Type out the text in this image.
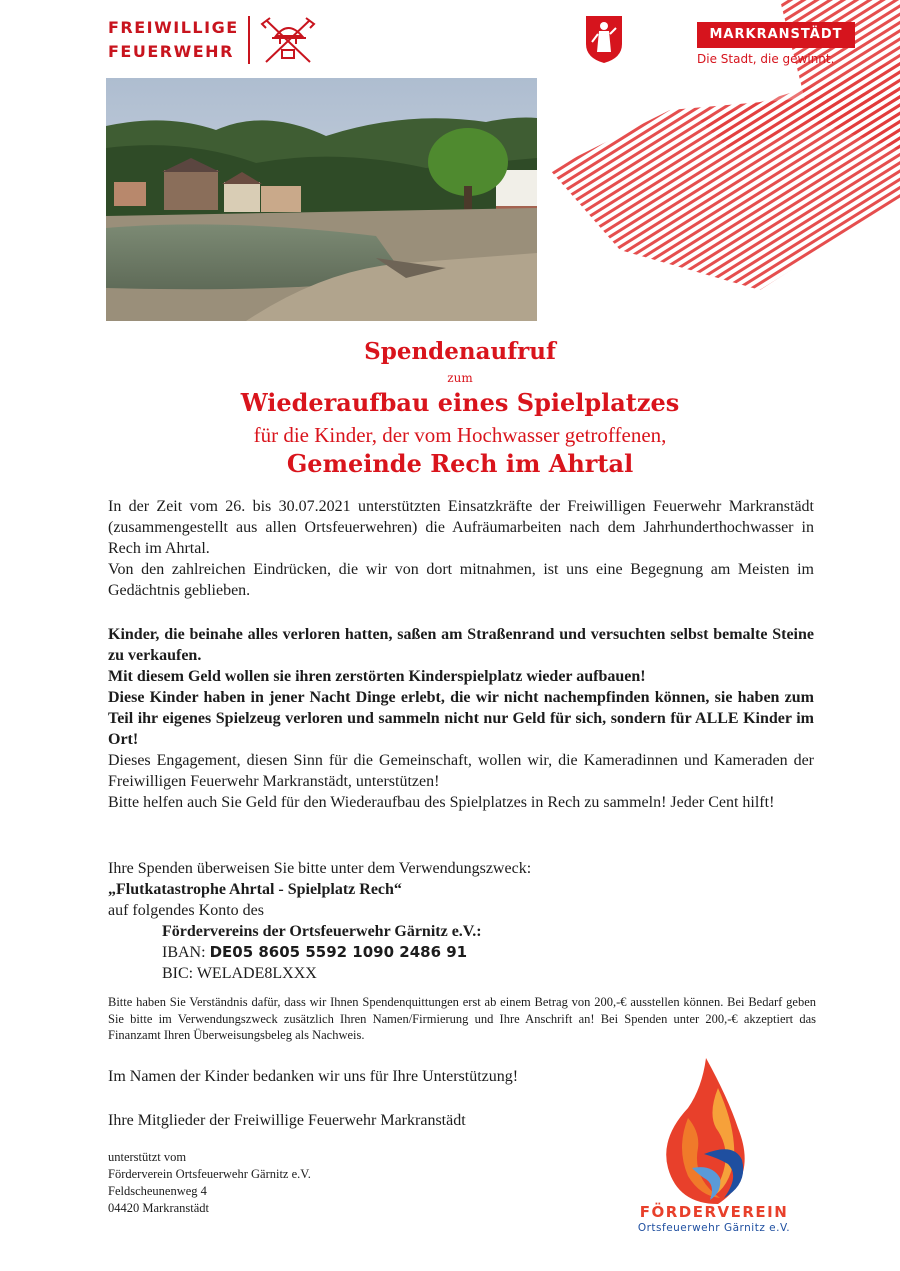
FREIWILLIGE
FEUERWEHR
MARKRANSTÄDT
Die Stadt, die gewinnt.
Spendenaufruf
zum
Wiederaufbau eines Spielplatzes
für die Kinder, der vom Hochwasser getroffenen,
Gemeinde Rech im Ahrtal
In der Zeit vom 26. bis 30.07.2021 unterstützten Einsatzkräfte der Freiwilligen Feuerwehr Markranstädt (zusammengestellt aus allen Ortsfeuerwehren) die Aufräumarbeiten nach dem Jahrhunderthochwasser in Rech im Ahrtal.
Von den zahlreichen Eindrücken, die wir von dort mitnahmen, ist uns eine Begegnung am Meisten im Gedächtnis geblieben.
Kinder, die beinahe alles verloren hatten, saßen am Straßenrand und versuchten selbst bemalte Steine zu verkaufen.
Mit diesem Geld wollen sie ihren zerstörten Kinderspielplatz wieder aufbauen!
Diese Kinder haben in jener Nacht Dinge erlebt, die wir nicht nachempfinden können, sie haben zum Teil ihr eigenes Spielzeug verloren und sammeln nicht nur Geld für sich, sondern für ALLE Kinder im Ort!
Dieses Engagement, diesen Sinn für die Gemeinschaft, wollen wir, die Kameradinnen und Kameraden der Freiwilligen Feuerwehr Markranstädt, unterstützen!
Bitte helfen auch Sie Geld für den Wiederaufbau des Spielplatzes in Rech zu sammeln! Jeder Cent hilft!
Ihre Spenden überweisen Sie bitte unter dem Verwendungszweck:
„Flutkatastrophe Ahrtal - Spielplatz Rech“
auf folgendes Konto des
Fördervereins der Ortsfeuerwehr Gärnitz e.V.:
IBAN: DE05 8605 5592 1090 2486 91
BIC: WELADE8LXXX
Bitte haben Sie Verständnis dafür, dass wir Ihnen Spendenquittungen erst ab einem Betrag von 200,-€ ausstellen können. Bei Bedarf geben Sie bitte im Verwendungszweck zusätzlich Ihren Namen/Firmierung und Ihre Anschrift an! Bei Spenden unter 200,-€ akzeptiert das Finanzamt Ihren Überweisungsbeleg als Nachweis.
Im Namen der Kinder bedanken wir uns für Ihre Unterstützung!
Ihre Mitglieder der Freiwillige Feuerwehr Markranstädt
unterstützt vom
Förderverein Ortsfeuerwehr Gärnitz e.V.
Feldscheunenweg 4
04420 Markranstädt	FÖRDERVEREIN
Ortsfeuerwehr Gärnitz e.V.
